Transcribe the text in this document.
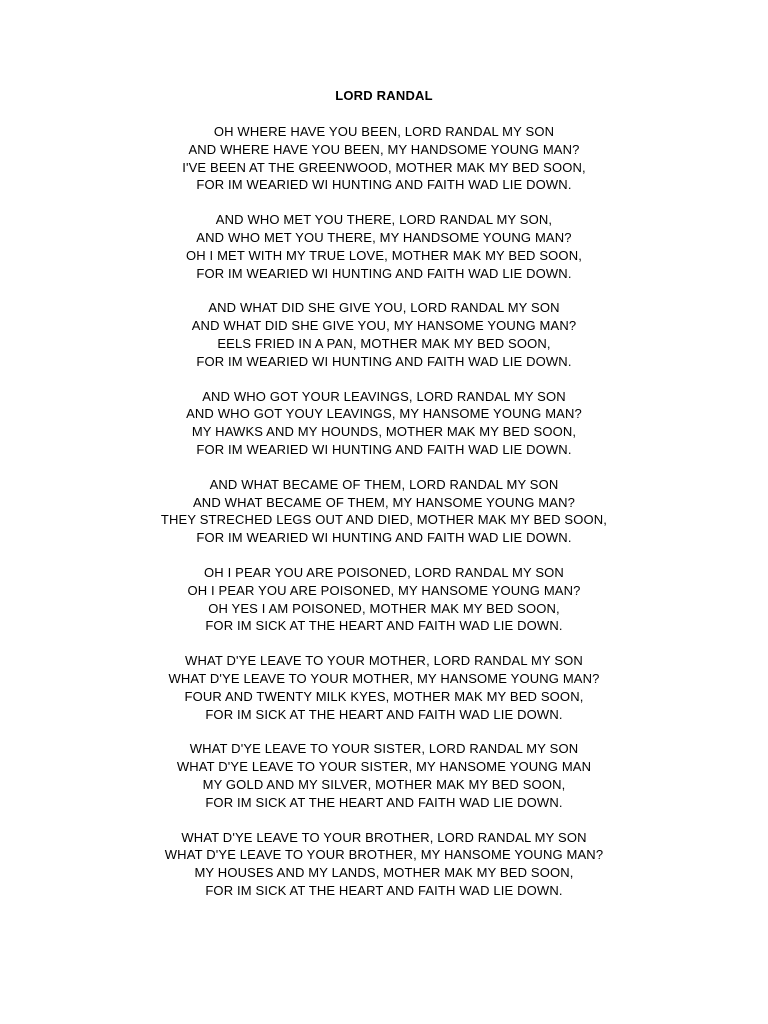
LORD RANDAL
OH WHERE HAVE YOU BEEN, LORD RANDAL MY SON
AND WHERE HAVE YOU BEEN, MY HANDSOME YOUNG MAN?
I'VE BEEN AT THE GREENWOOD, MOTHER MAK MY BED SOON,
FOR IM WEARIED WI HUNTING AND FAITH WAD LIE DOWN.
AND WHO MET YOU THERE, LORD RANDAL MY SON,
AND WHO MET YOU THERE, MY HANDSOME YOUNG MAN?
OH I MET WITH MY TRUE LOVE, MOTHER MAK MY BED SOON,
FOR IM WEARIED WI HUNTING AND FAITH WAD LIE DOWN.
AND WHAT DID SHE GIVE YOU, LORD RANDAL MY SON
AND WHAT DID SHE GIVE YOU, MY HANSOME YOUNG MAN?
EELS FRIED IN A PAN, MOTHER MAK MY BED SOON,
FOR IM WEARIED WI HUNTING AND FAITH WAD LIE DOWN.
AND WHO GOT YOUR LEAVINGS, LORD RANDAL MY SON
AND WHO GOT YOUY LEAVINGS, MY HANSOME YOUNG MAN?
MY HAWKS AND MY HOUNDS, MOTHER MAK MY BED SOON,
FOR IM WEARIED WI HUNTING AND FAITH WAD LIE DOWN.
AND WHAT BECAME OF THEM, LORD RANDAL MY SON
AND WHAT BECAME OF THEM, MY HANSOME YOUNG MAN?
THEY STRECHED LEGS OUT AND DIED, MOTHER MAK MY BED SOON,
FOR IM WEARIED WI HUNTING AND FAITH WAD LIE DOWN.
OH I PEAR YOU ARE POISONED, LORD RANDAL MY SON
OH I PEAR YOU ARE POISONED, MY HANSOME YOUNG MAN?
OH YES I AM POISONED, MOTHER MAK MY BED SOON,
FOR IM SICK AT THE HEART AND FAITH WAD LIE DOWN.
WHAT D'YE LEAVE TO YOUR MOTHER, LORD RANDAL MY SON
WHAT D'YE LEAVE TO YOUR MOTHER, MY HANSOME YOUNG MAN?
FOUR AND TWENTY MILK KYES, MOTHER MAK MY BED SOON,
FOR IM SICK AT THE HEART AND FAITH WAD LIE DOWN.
WHAT D'YE LEAVE TO YOUR SISTER, LORD RANDAL MY SON
WHAT D'YE LEAVE TO YOUR SISTER, MY HANSOME YOUNG MAN
MY GOLD AND MY SILVER, MOTHER MAK MY BED SOON,
FOR IM SICK AT THE HEART AND FAITH WAD LIE DOWN.
WHAT D'YE LEAVE TO YOUR BROTHER, LORD RANDAL MY SON
WHAT D'YE LEAVE TO YOUR BROTHER, MY HANSOME YOUNG MAN?
MY HOUSES AND MY LANDS, MOTHER MAK MY BED SOON,
FOR IM SICK AT THE HEART AND FAITH WAD LIE DOWN.
